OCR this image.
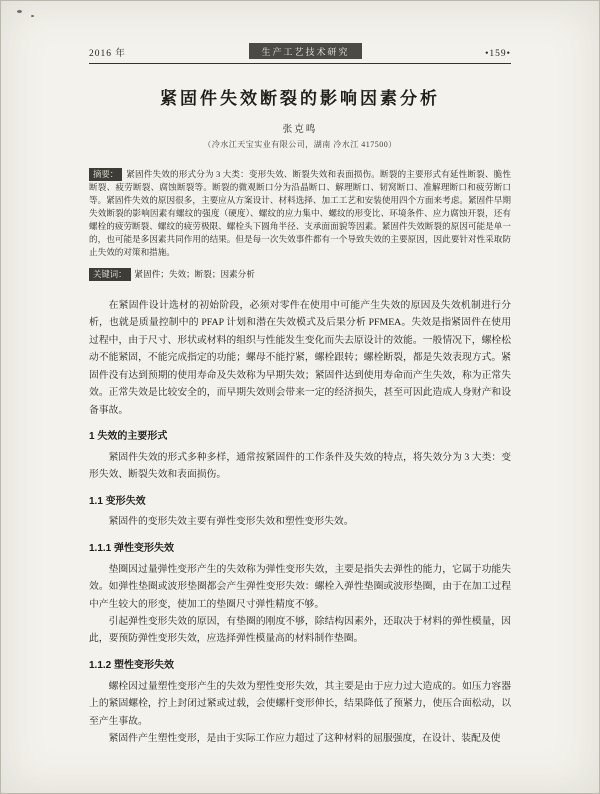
2016 年	生产工艺技术研究	•159•
紧固件失效断裂的影响因素分析
张克鸣
（冷水江天宝实业有限公司，湖南 冷水江 417500）

摘要： 紧固件失效的形式分为 3 大类：变形失效、断裂失效和表面损伤。断裂的主要形式有延性断裂、脆性断裂、疲劳断裂、腐蚀断裂等。断裂的微观断口分为沿晶断口、解理断口、韧窝断口、准解理断口和疲劳断口等。紧固件失效的原因很多，主要应从方案设计、材料选择、加工工艺和安装使用四个方面来考虑。紧固件早期失效断裂的影响因素有螺纹的强度（硬度）、螺纹的应力集中、螺纹的形变比、环境条件、应力腐蚀开裂，还有螺栓的疲劳断裂、螺纹的疲劳极限、螺栓头下圆角半径、支承面面貌等因素。紧固件失效断裂的原因可能是单一的，也可能是多因素共同作用的结果。但是每一次失效事件都有一个导致失效的主要原因，因此要针对性采取防止失效的对策和措施。

关键词： 紧固件；失效；断裂；因素分析

在紧固件设计选材的初始阶段，必须对零件在使用中可能产生失效的原因及失效机制进行分析，也就是质量控制中的 PFAP 计划和潜在失效模式及后果分析 PFMEA。失效是指紧固件在使用过程中，由于尺寸、形状或材料的组织与性能发生变化而失去原设计的效能。一般情况下，螺栓松动不能紧固，不能完成指定的功能；螺母不能拧紧，螺栓跟转；螺栓断裂，都是失效表现方式。紧固件没有达到预期的使用寿命及失效称为早期失效；紧固件达到使用寿命而产生失效，称为正常失效。正常失效是比较安全的，而早期失效则会带来一定的经济损失，甚至可因此造成人身财产和设备事故。

1 失效的主要形式

紧固件失效的形式多种多样，通常按紧固件的工作条件及失效的特点，将失效分为 3 大类：变形失效、断裂失效和表面损伤。

1.1 变形失效

紧固件的变形失效主要有弹性变形失效和塑性变形失效。

1.1.1 弹性变形失效

垫圈因过量弹性变形产生的失效称为弹性变形失效，主要是指失去弹性的能力，它属于功能失效。如弹性垫圈或波形垫圈都会产生弹性变形失效：螺栓入弹性垫圈或波形垫圈，由于在加工过程中产生较大的形变，使加工的垫圈尺寸弹性精度不够。

引起弹性变形失效的原因，有垫圈的刚度不够，除结构因素外，还取决于材料的弹性模量，因此，要预防弹性变形失效，应选择弹性模量高的材料制作垫圈。

1.1.2 塑性变形失效

螺栓因过量塑性变形产生的失效为塑性变形失效，其主要是由于应力过大造成的。如压力容器上的紧固螺栓，拧上封闭过紧或过载，会使螺杆变形伸长，结果降低了预紧力，使压合面松动，以至产生事故。

紧固件产生塑性变形，是由于实际工作应力超过了这种材料的屈服强度，在设计、装配及使
